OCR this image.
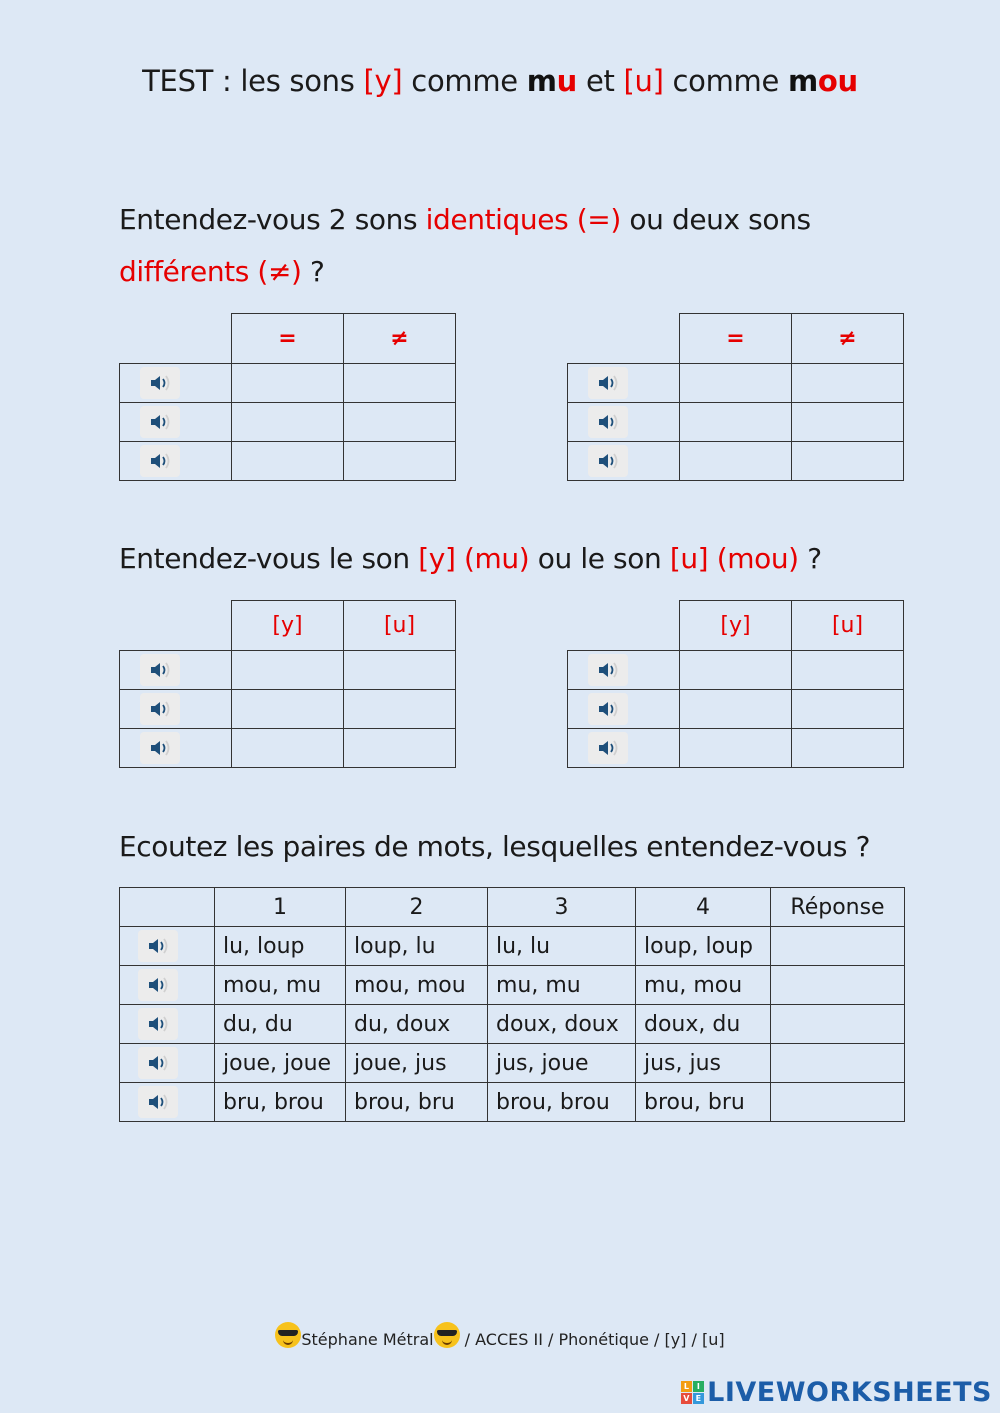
TEST : les sons [y] comme mu et [u] comme mou
Entendez-vous 2 sons identiques (=) ou deux sons
différents (≠) ?
	=	≠

		=	≠

Entendez-vous le son [y] (mu) ou le son [u] (mou) ?
	[y]	[u]

		[y]	[u]

Ecoutez les paires de mots, lesquelles entendez-vous ?
	1	2	3	4	Réponse

	lu, loup	loup, lu	lu, lu	loup, loup	

	mou, mu	mou, mou	mu, mu	mu, mou	

	du, du	du, doux	doux, doux	doux, du	

	joue, joue	joue, jus	jus, joue	jus, jus	

	bru, brou	brou, bru	brou, brou	brou, bru	
Stéphane Métral / ACCES II / Phonétique / [y] / [u]
L I
V E LIVEWORKSHEETS
